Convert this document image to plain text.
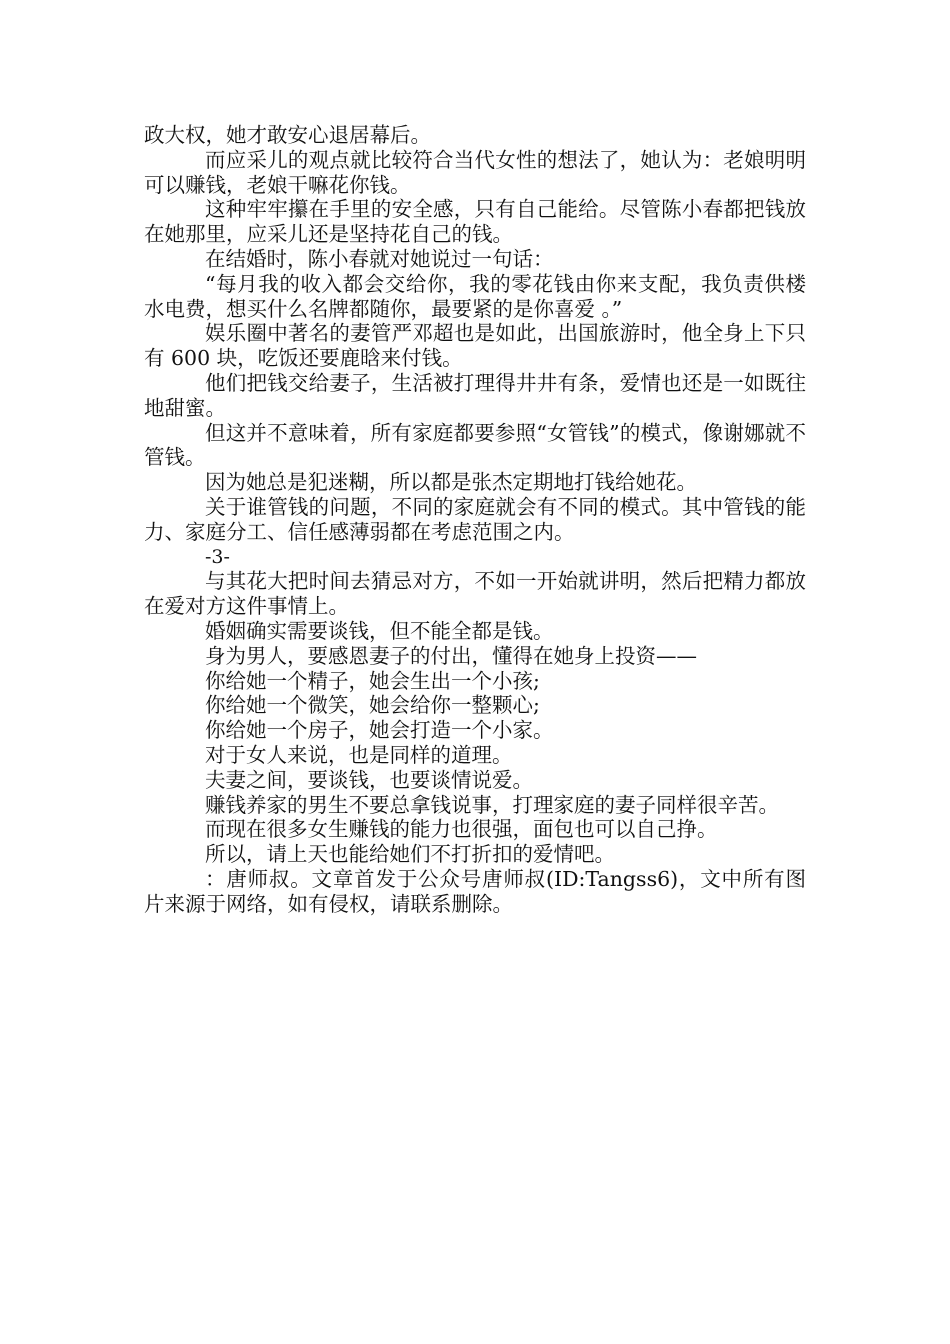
政大权，她才敢安心退居幕后。

而应采儿的观点就比较符合当代女性的想法了，她认为：老娘明明可以赚钱，老娘干嘛花你钱。

这种牢牢攥在手里的安全感，只有自己能给。尽管陈小春都把钱放在她那里，应采儿还是坚持花自己的钱。

在结婚时，陈小春就对她说过一句话：

“每月我的收入都会交给你，我的零花钱由你来支配，我负责供楼水电费，想买什么名牌都随你，最要紧的是你喜爱 。”

娱乐圈中著名的妻管严邓超也是如此，出国旅游时，他全身上下只有 600 块，吃饭还要鹿晗来付钱。

他们把钱交给妻子，生活被打理得井井有条，爱情也还是一如既往地甜蜜。

但这并不意味着，所有家庭都要参照“女管钱”的模式，像谢娜就不管钱。

因为她总是犯迷糊，所以都是张杰定期地打钱给她花。

关于谁管钱的问题，不同的家庭就会有不同的模式。其中管钱的能力、家庭分工、信任感薄弱都在考虑范围之内。

-3-

与其花大把时间去猜忌对方，不如一开始就讲明，然后把精力都放在爱对方这件事情上。

婚姻确实需要谈钱，但不能全都是钱。

身为男人，要感恩妻子的付出，懂得在她身上投资——

你给她一个精子，她会生出一个小孩;

你给她一个微笑，她会给你一整颗心;

你给她一个房子，她会打造一个小家。

对于女人来说，也是同样的道理。

夫妻之间，要谈钱，也要谈情说爱。

赚钱养家的男生不要总拿钱说事，打理家庭的妻子同样很辛苦。

而现在很多女生赚钱的能力也很强，面包也可以自己挣。

所以，请上天也能给她们不打折扣的爱情吧。

：唐师叔。文章首发于公众号唐师叔(ID:Tangss6)，文中所有图片来源于网络，如有侵权，请联系删除。
